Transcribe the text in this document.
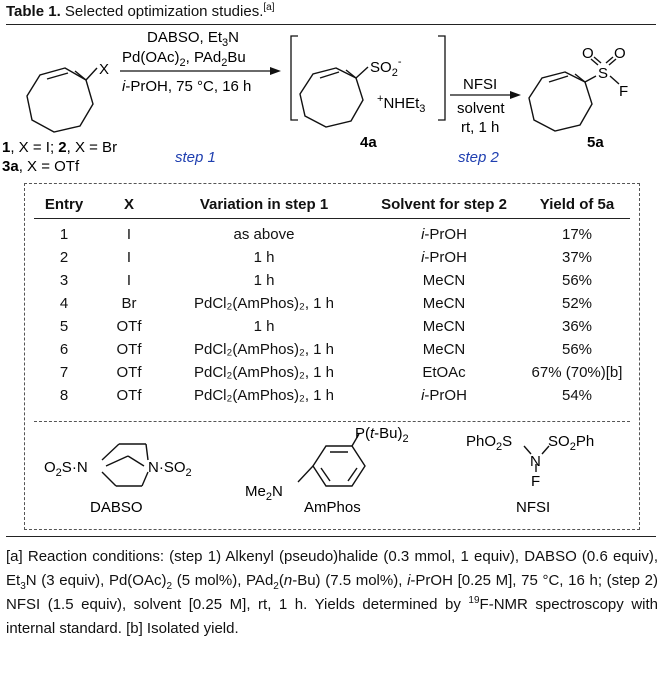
Table 1. Selected optimization studies.[a]
X
1, X = I; 2, X = Br
3a, X = OTf
DABSO, $Et_3N$
$Pd(OAc)_2$, PAd$_2$Bu
i-PrOH, 75 °C, 16 h
step 1
$SO_2^-$
+NHEt$_3$
4a
NFSI
solvent
rt, 1 h
step 2
S
O O
F
5a
Entry	X	Variation in step 1	Solvent for step 2	Yield of 5a
1	I	as above	i-PrOH	17%
2	I	1 h	i-PrOH	37%
3	I	1 h	MeCN	56%
4	Br	PdCl₂(AmPhos)₂, 1 h	MeCN	52%
5	OTf	1 h	MeCN	36%
6	OTf	PdCl₂(AmPhos)₂, 1 h	MeCN	56%
7	OTf	PdCl₂(AmPhos)₂, 1 h	EtOAc	67% (70%)[b]
8	OTf	PdCl₂(AmPhos)₂, 1 h	i-PrOH	54%
$O_2S\cdot N$	$N\cdot SO_2$
DABSO
$P(t-Bu)_2$
$Me_2N$
AmPhos
PhO$_2$S
N
$SO_2Ph$
F
NFSI
[a] Reaction conditions: (step 1) Alkenyl (pseudo)halide (0.3 mmol, 1 equiv), DABSO (0.6 equiv), $Et_3N$ (3 equiv), $Pd(OAc)_2$ (5 mol%), PAd$_2$(n-Bu) (7.5 mol%), i-PrOH [0.25 M], 75 °C, 16 h; (step 2) NFSI (1.5 equiv), solvent [0.25 M], rt, 1 h. Yields determined by $^{19}$F-NMR spectroscopy with internal standard. [b] Isolated yield.
